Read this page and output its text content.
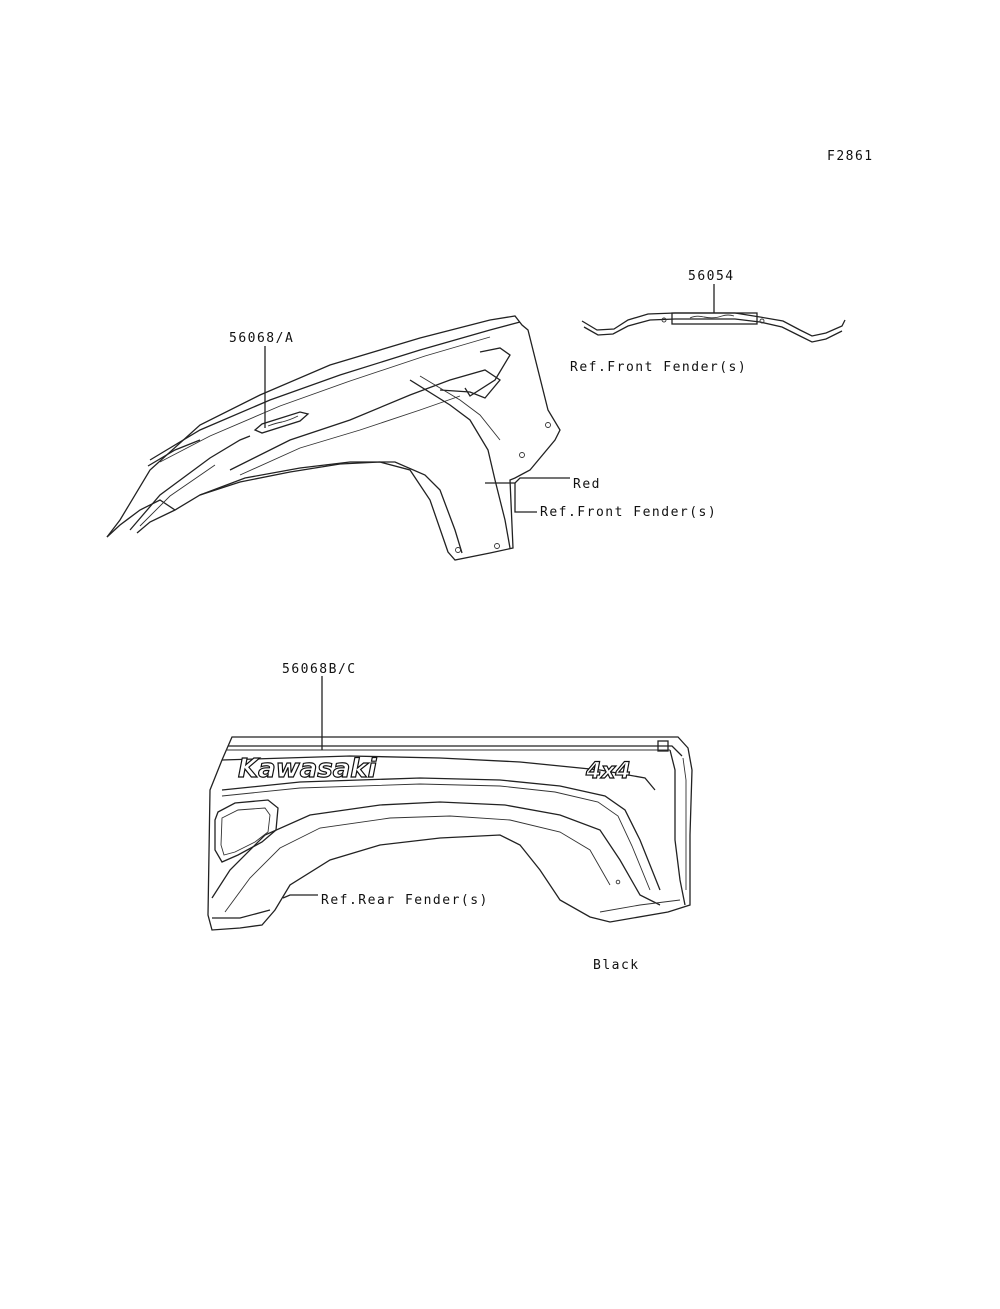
F2861
56054
Ref.Front Fender(s)
56068/A
Red
Ref.Front Fender(s)
Kawasaki	4x4
56068B/C
Ref.Rear Fender(s)
Black
